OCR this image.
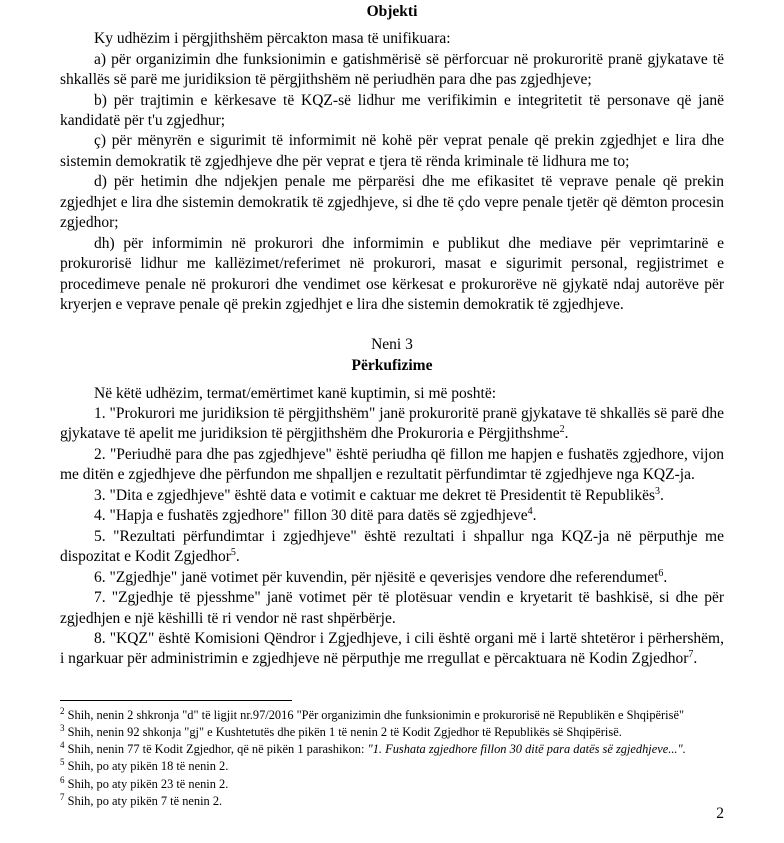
Objekti

Ky udhëzim i përgjithshëm përcakton masa të unifikuara:

a) për organizimin dhe funksionimin e gatishmërisë së përforcuar në prokuroritë pranë gjykatave të shkallës së parë me juridiksion të përgjithshëm në periudhën para dhe pas zgjedhjeve;

b) për trajtimin e kërkesave të KQZ-së lidhur me verifikimin e integritetit të personave që janë kandidatë për t'u zgjedhur;

ç) për mënyrën e sigurimit të informimit në kohë për veprat penale që prekin zgjedhjet e lira dhe sistemin demokratik të zgjedhjeve dhe për veprat e tjera të rënda kriminale të lidhura me to;

d) për hetimin dhe ndjekjen penale me përparësi dhe me efikasitet të veprave penale që prekin zgjedhjet e lira dhe sistemin demokratik të zgjedhjeve, si dhe të çdo vepre penale tjetër që dëmton procesin zgjedhor;

dh) për informimin në prokurori dhe informimin e publikut dhe mediave për veprimtarinë e prokurorisë lidhur me kallëzimet/referimet në prokurori, masat e sigurimit personal, regjistrimet e procedimeve penale në prokurori dhe vendimet ose kërkesat e prokurorëve në gjykatë ndaj autorëve për kryerjen e veprave penale që prekin zgjedhjet e lira dhe sistemin demokratik të zgjedhjeve.

Neni 3
Përkufizime

Në këtë udhëzim, termat/emërtimet kanë kuptimin, si më poshtë:

1. "Prokurori me juridiksion të përgjithshëm" janë prokuroritë pranë gjykatave të shkallës së parë dhe gjykatave të apelit me juridiksion të përgjithshëm dhe Prokuroria e Përgjithshme$^2$.

2. "Periudhë para dhe pas zgjedhjeve" është periudha që fillon me hapjen e fushatës zgjedhore, vijon me ditën e zgjedhjeve dhe përfundon me shpalljen e rezultatit përfundimtar të zgjedhjeve nga KQZ-ja.

3. "Dita e zgjedhjeve" është data e votimit e caktuar me dekret të Presidentit të Republikës$^3$.

4. "Hapja e fushatës zgjedhore" fillon 30 ditë para datës së zgjedhjeve$^4$.

5. "Rezultati përfundimtar i zgjedhjeve" është rezultati i shpallur nga KQZ-ja në përputhje me dispozitat e Kodit Zgjedhor$^5$.

6. "Zgjedhje" janë votimet për kuvendin, për njësitë e qeverisjes vendore dhe referendumet$^6$.

7. "Zgjedhje të pjesshme" janë votimet për të plotësuar vendin e kryetarit të bashkisë, si dhe për zgjedhjen e një këshilli të ri vendor në rast shpërbërje.

8. "KQZ" është Komisioni Qëndror i Zgjedhjeve, i cili është organi më i lartë shtetëror i përhershëm, i ngarkuar për administrimin e zgjedhjeve në përputhje me rregullat e përcaktuara në Kodin Zgjedhor$^7$.

$^2$ Shih, nenin 2 shkronja "d" të ligjit nr.97/2016 "Për organizimin dhe funksionimin e prokurorisë në Republikën e Shqipërisë"

$^3$ Shih, nenin 92 shkonja "gj" e Kushtetutës dhe pikën 1 të nenin 2 të Kodit Zgjedhor të Republikës së Shqipërisë.

$^4$ Shih, nenin 77 të Kodit Zgjedhor, që në pikën 1 parashikon: "1. Fushata zgjedhore fillon 30 ditë para datës së zgjedhjeve...".

$^5$ Shih, po aty pikën 18 të nenin 2.

$^6$ Shih, po aty pikën 23 të nenin 2.

$^7$ Shih, po aty pikën 7 të nenin 2.

2
